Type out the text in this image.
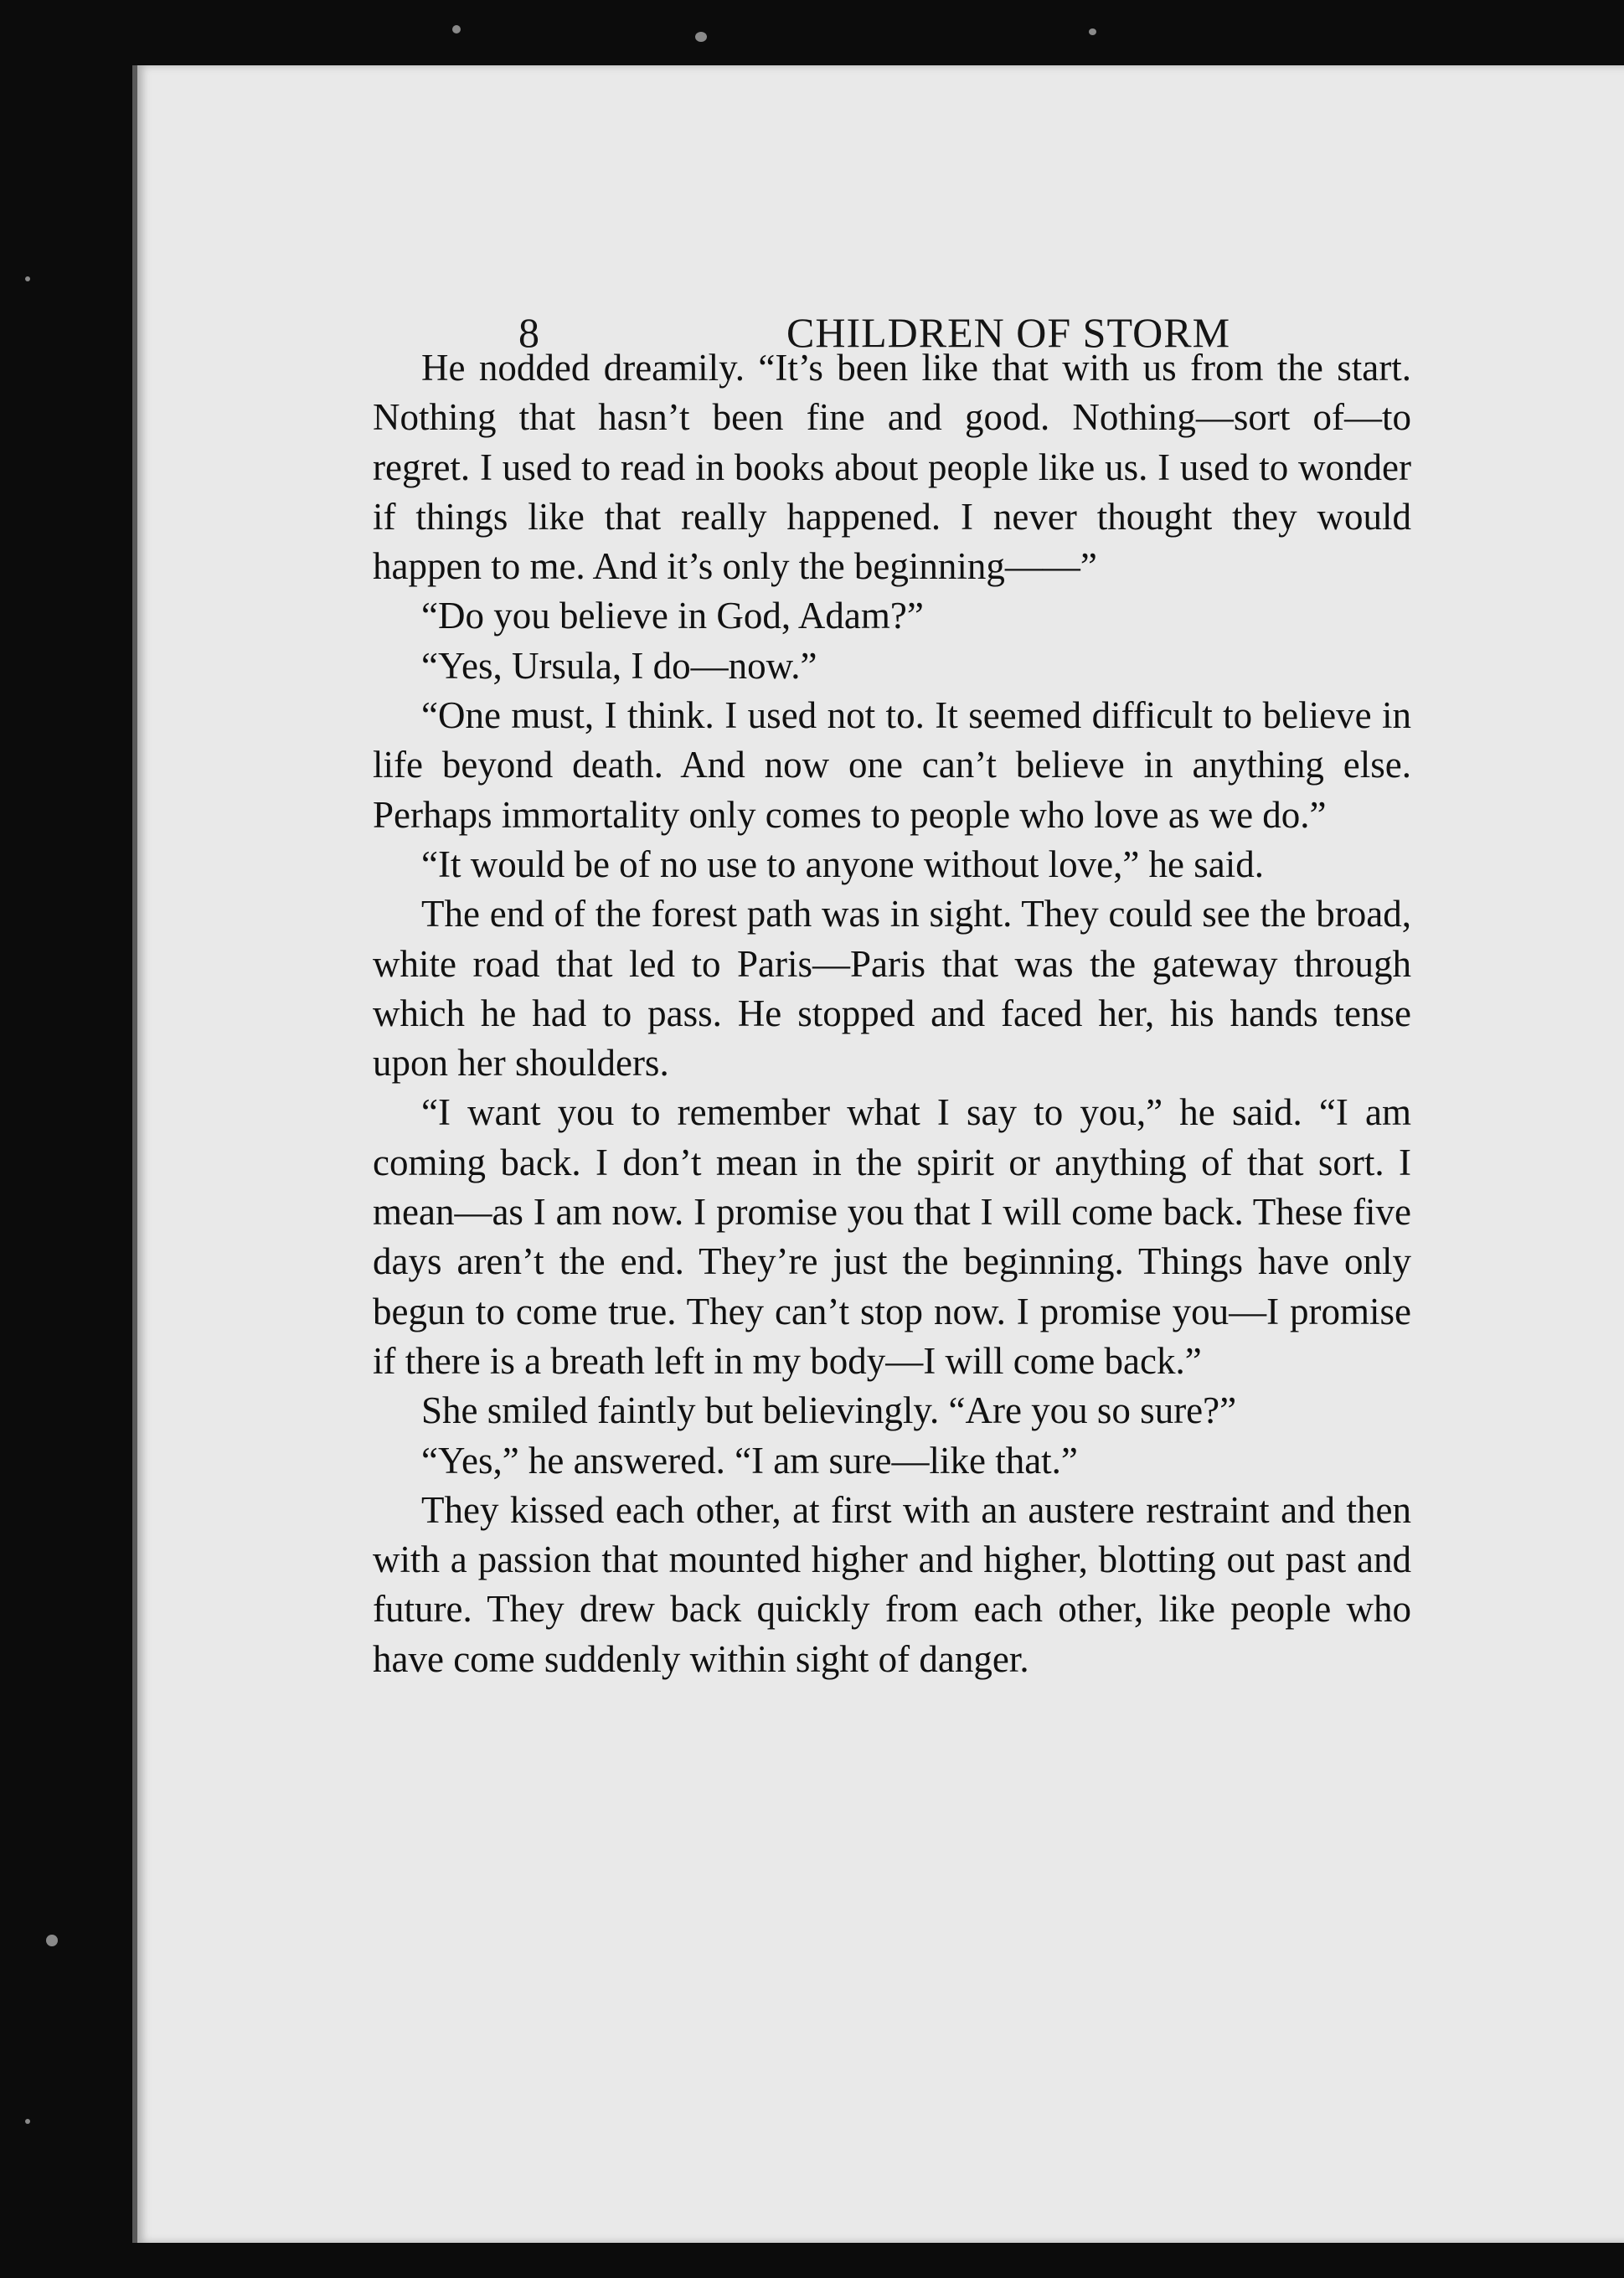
8	CHILDREN OF STORM

He nodded dreamily. “It’s been like that with us from the start. Nothing that hasn’t been fine and good. Nothing—sort of—to regret. I used to read in books about people like us. I used to wonder if things like that really happened. I never thought they would happen to me. And it’s only the beginning——”

“Do you believe in God, Adam?”

“Yes, Ursula, I do—now.”

“One must, I think. I used not to. It seemed difficult to believe in life beyond death. And now one can’t believe in anything else. Perhaps immortality only comes to people who love as we do.”

“It would be of no use to anyone without love,” he said.

The end of the forest path was in sight. They could see the broad, white road that led to Paris—Paris that was the gateway through which he had to pass. He stopped and faced her, his hands tense upon her shoulders.

“I want you to remember what I say to you,” he said. “I am coming back. I don’t mean in the spirit or anything of that sort. I mean—as I am now. I promise you that I will come back. These five days aren’t the end. They’re just the beginning. Things have only begun to come true. They can’t stop now. I promise you—I promise if there is a breath left in my body—I will come back.”

She smiled faintly but believingly. “Are you so sure?”

“Yes,” he answered. “I am sure—like that.”

They kissed each other, at first with an austere restraint and then with a passion that mounted higher and higher, blotting out past and future. They drew back quickly from each other, like people who have come suddenly within sight of danger.
